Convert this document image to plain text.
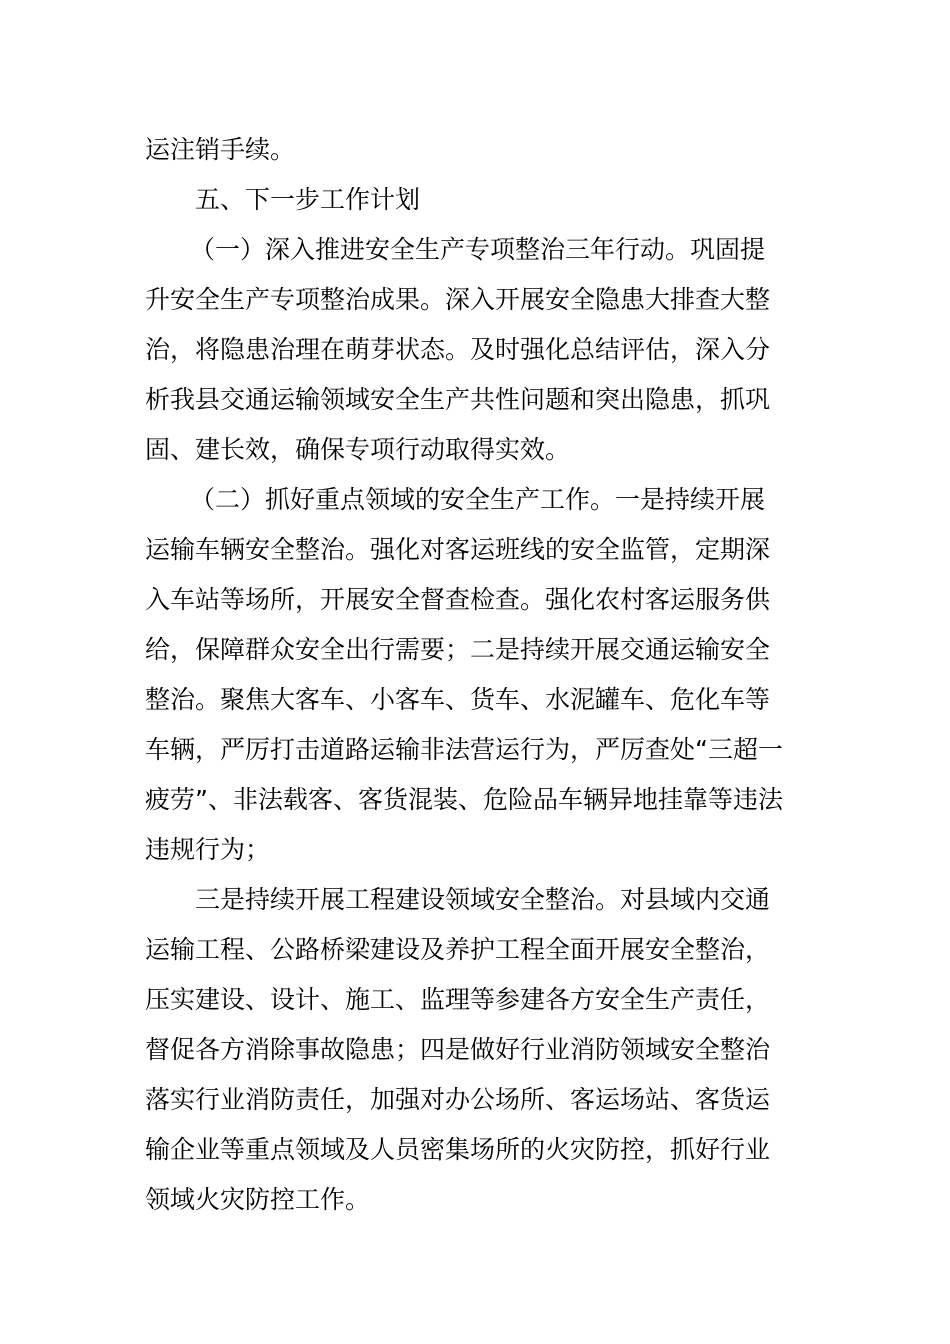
运注销手续。

五、下一步工作计划

（一）深入推进安全生产专项整治三年行动。巩固提

升安全生产专项整治成果。深入开展安全隐患大排查大整

治，将隐患治理在萌芽状态。及时强化总结评估，深入分

析我县交通运输领域安全生产共性问题和突出隐患，抓巩

固、建长效，确保专项行动取得实效。

（二）抓好重点领域的安全生产工作。一是持续开展

运输车辆安全整治。强化对客运班线的安全监管，定期深

入车站等场所，开展安全督查检查。强化农村客运服务供

给，保障群众安全出行需要；二是持续开展交通运输安全

整治。聚焦大客车、小客车、货车、水泥罐车、危化车等

车辆，严厉打击道路运输非法营运行为，严厉查处“三超一

疲劳”、非法载客、客货混装、危险品车辆异地挂靠等违法

违规行为；

三是持续开展工程建设领域安全整治。对县域内交通

运输工程、公路桥梁建设及养护工程全面开展安全整治，

压实建设、设计、施工、监理等参建各方安全生产责任，

督促各方消除事故隐患；四是做好行业消防领域安全整治

落实行业消防责任，加强对办公场所、客运场站、客货运

输企业等重点领域及人员密集场所的火灾防控，抓好行业

领域火灾防控工作。
